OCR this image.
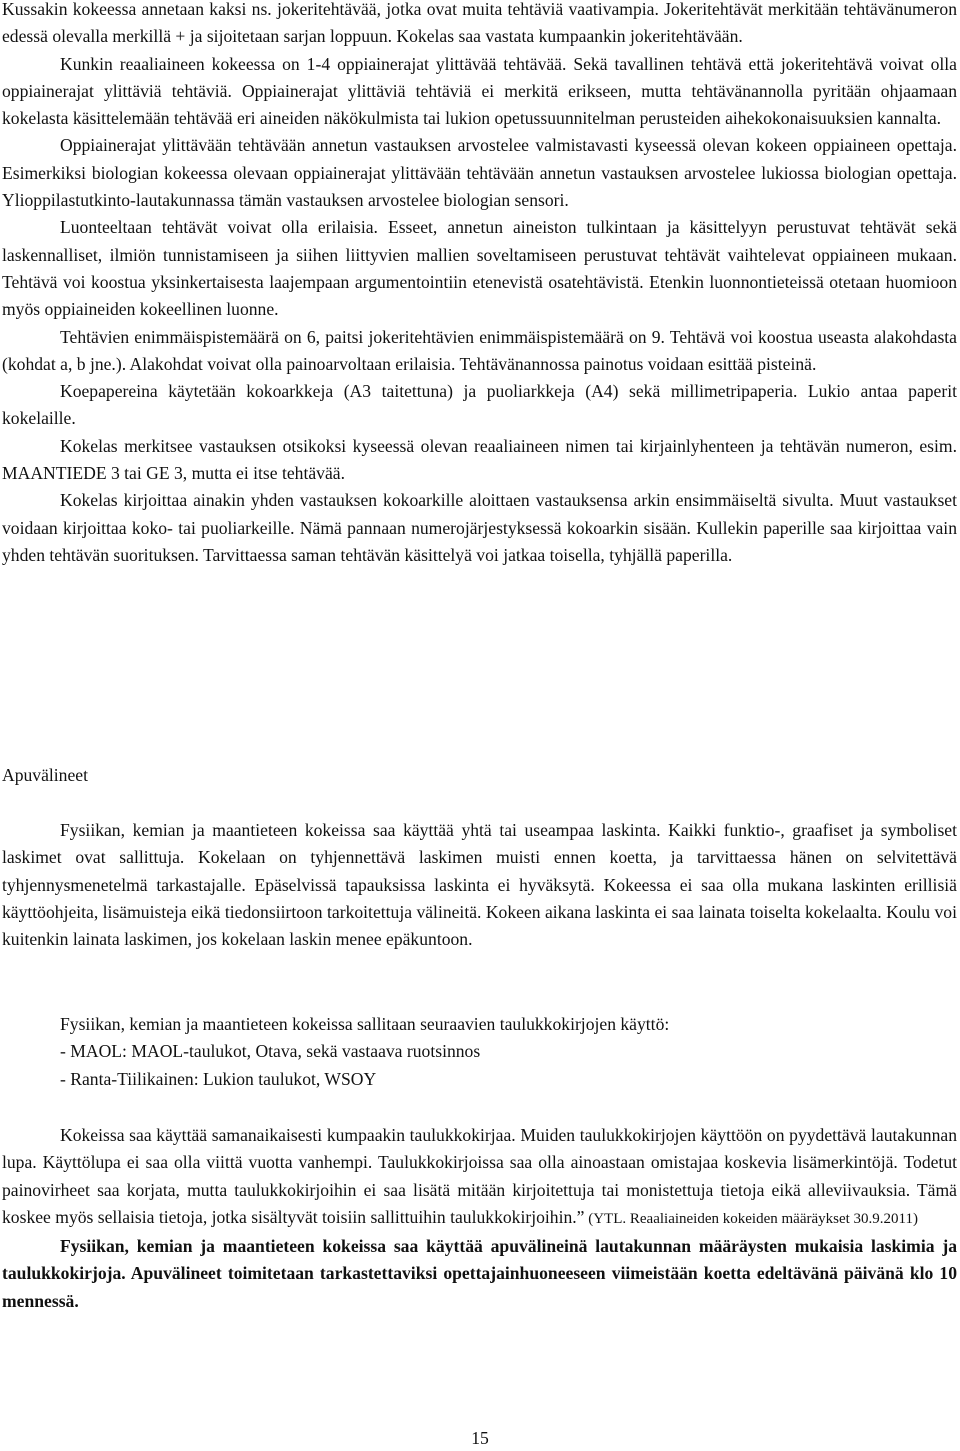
Kussakin kokeessa annetaan kaksi ns. jokeritehtävää, jotka ovat muita tehtäviä vaativampia. Jokeritehtävät merkitään tehtävänumeron edessä olevalla merkillä + ja sijoitetaan sarjan loppuun. Kokelas saa vastata kumpaankin jokeritehtävään.

Kunkin reaaliaineen kokeessa on 1-4 oppiainerajat ylittävää tehtävää. Sekä tavallinen tehtävä että jokeritehtävä voivat olla oppiainerajat ylittäviä tehtäviä. Oppiainerajat ylittäviä tehtäviä ei merkitä erikseen, mutta tehtävänannolla pyritään ohjaamaan kokelasta käsittelemään tehtävää eri aineiden näkökulmista tai lukion opetussuunnitelman perusteiden aihekokonaisuuksien kannalta.

Oppiainerajat ylittävään tehtävään annetun vastauksen arvostelee valmistavasti kyseessä olevan kokeen oppiaineen opettaja. Esimerkiksi biologian kokeessa olevaan oppiainerajat ylittävään tehtävään annetun vastauksen arvostelee lukiossa biologian opettaja. Ylioppilastutkinto-lautakunnassa tämän vastauksen arvostelee biologian sensori.

Luonteeltaan tehtävät voivat olla erilaisia. Esseet, annetun aineiston tulkintaan ja käsittelyyn perustuvat tehtävät sekä laskennalliset, ilmiön tunnistamiseen ja siihen liittyvien mallien soveltamiseen perustuvat tehtävät vaihtelevat oppiaineen mukaan. Tehtävä voi koostua yksinkertaisesta laajempaan argumentointiin etenevistä osatehtävistä. Etenkin luonnontieteissä otetaan huomioon myös oppiaineiden kokeellinen luonne.

Tehtävien enimmäispistemäärä on 6, paitsi jokeritehtävien enimmäispistemäärä on 9. Tehtävä voi koostua useasta alakohdasta (kohdat a, b jne.). Alakohdat voivat olla painoarvoltaan erilaisia. Tehtävänannossa painotus voidaan esittää pisteinä.

Koepapereina käytetään kokoarkkeja (A3 taitettuna) ja puoliarkkeja (A4) sekä millimetripaperia. Lukio antaa paperit kokelaille.

Kokelas merkitsee vastauksen otsikoksi kyseessä olevan reaaliaineen nimen tai kirjainlyhenteen ja tehtävän numeron, esim. MAANTIEDE 3 tai GE 3, mutta ei itse tehtävää.

Kokelas kirjoittaa ainakin yhden vastauksen kokoarkille aloittaen vastauksensa arkin ensimmäiseltä sivulta. Muut vastaukset voidaan kirjoittaa koko- tai puoliarkeille. Nämä pannaan numerojärjestyksessä kokoarkin sisään. Kullekin paperille saa kirjoittaa vain yhden tehtävän suorituksen. Tarvittaessa saman tehtävän käsittelyä voi jatkaa toisella, tyhjällä paperilla.

Apuvälineet

Fysiikan, kemian ja maantieteen kokeissa saa käyttää yhtä tai useampaa laskinta. Kaikki funktio-, graafiset ja symboliset laskimet ovat sallittuja. Kokelaan on tyhjennettävä laskimen muisti ennen koetta, ja tarvittaessa hänen on selvitettävä tyhjennysmenetelmä tarkastajalle. Epäselvissä tapauksissa laskinta ei hyväksytä. Kokeessa ei saa olla mukana laskinten erillisiä käyttöohjeita, lisämuisteja eikä tiedonsiirtoon tarkoitettuja välineitä. Kokeen aikana laskinta ei saa lainata toiselta kokelaalta. Koulu voi kuitenkin lainata laskimen, jos kokelaan laskin menee epäkuntoon.

Fysiikan, kemian ja maantieteen kokeissa sallitaan seuraavien taulukkokirjojen käyttö:

- MAOL: MAOL-taulukot, Otava, sekä vastaava ruotsinnos

- Ranta-Tiilikainen: Lukion taulukot, WSOY

Kokeissa saa käyttää samanaikaisesti kumpaakin taulukkokirjaa. Muiden taulukkokirjojen käyttöön on pyydettävä lautakunnan lupa. Käyttölupa ei saa olla viittä vuotta vanhempi. Taulukkokirjoissa saa olla ainoastaan omistajaa koskevia lisämerkintöjä. Todetut painovirheet saa korjata, mutta taulukkokirjoihin ei saa lisätä mitään kirjoitettuja tai monistettuja tietoja eikä alleviivauksia. Tämä koskee myös sellaisia tietoja, jotka sisältyvät toisiin sallittuihin taulukkokirjoihin.” (YTL. Reaaliaineiden kokeiden määräykset 30.9.2011)

Fysiikan, kemian ja maantieteen kokeissa saa käyttää apuvälineinä lautakunnan määräysten mukaisia laskimia ja taulukkokirjoja. Apuvälineet toimitetaan tarkastettaviksi opettajainhuoneeseen viimeistään koetta edeltävänä päivänä klo 10 mennessä.

15
